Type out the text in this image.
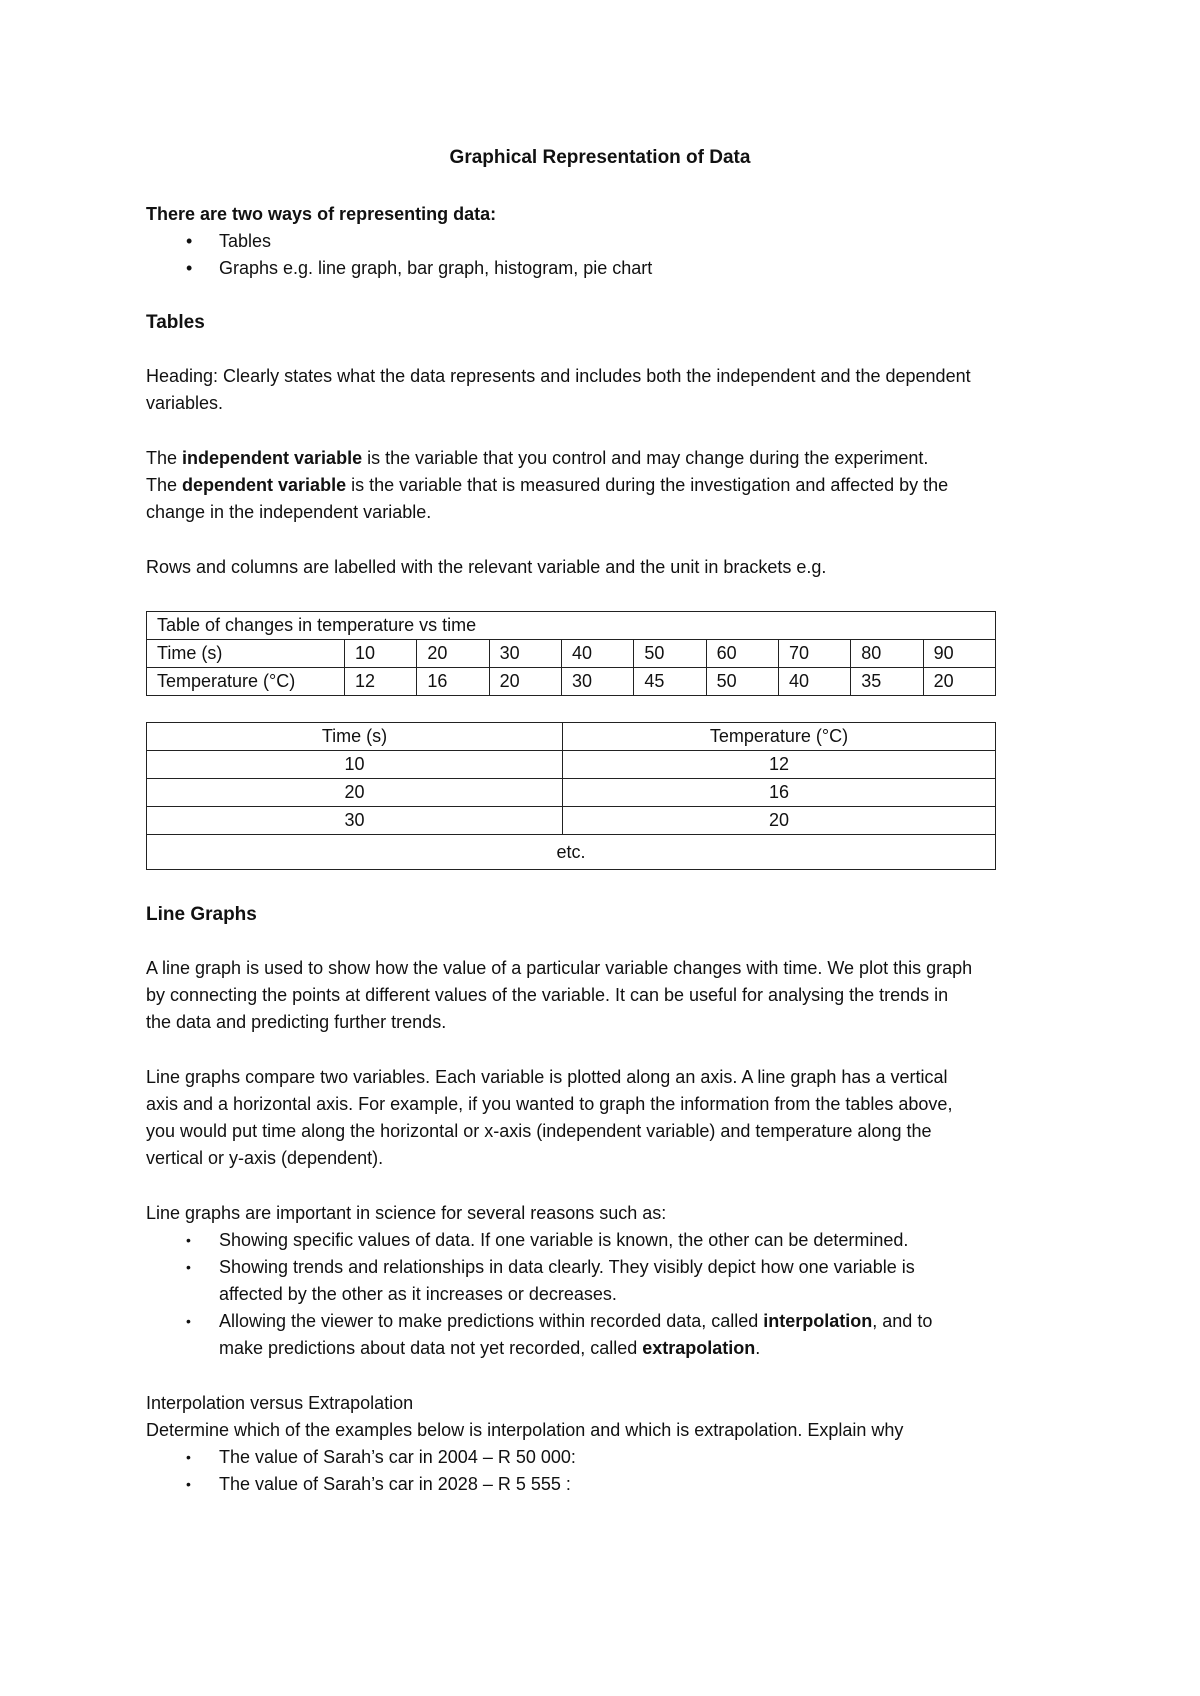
Graphical Representation of Data
There are two ways of representing data:
• Tables
• Graphs e.g. line graph, bar graph, histogram, pie chart
Tables
Heading: Clearly states what the data represents and includes both the independent and the dependent variables.
The independent variable is the variable that you control and may change during the experiment.
The dependent variable is the variable that is measured during the investigation and affected by the change in the independent variable.
Rows and columns are labelled with the relevant variable and the unit in brackets e.g.
Table of changes in temperature vs time									
Time (s)	10	20	30	40	50	60	70	80	90
Temperature (°C)	12	16	20	30	45	50	40	35	20
Time (s)	Temperature (°C)
10	12
20	16
30	20
etc.	
Line Graphs
A line graph is used to show how the value of a particular variable changes with time. We plot this graph by connecting the points at different values of the variable. It can be useful for analysing the trends in the data and predicting further trends.
Line graphs compare two variables. Each variable is plotted along an axis. A line graph has a vertical axis and a horizontal axis. For example, if you wanted to graph the information from the tables above, you would put time along the horizontal or x-axis (independent variable) and temperature along the vertical or y-axis (dependent).
Line graphs are important in science for several reasons such as:
• Showing specific values of data. If one variable is known, the other can be determined.
• Showing trends and relationships in data clearly. They visibly depict how one variable is affected by the other as it increases or decreases.
• Allowing the viewer to make predictions within recorded data, called interpolation, and to make predictions about data not yet recorded, called extrapolation.
Interpolation versus Extrapolation
Determine which of the examples below is interpolation and which is extrapolation. Explain why
• The value of Sarah’s car in 2004 – R 50 000:
• The value of Sarah’s car in 2028 – R 5 555 :
